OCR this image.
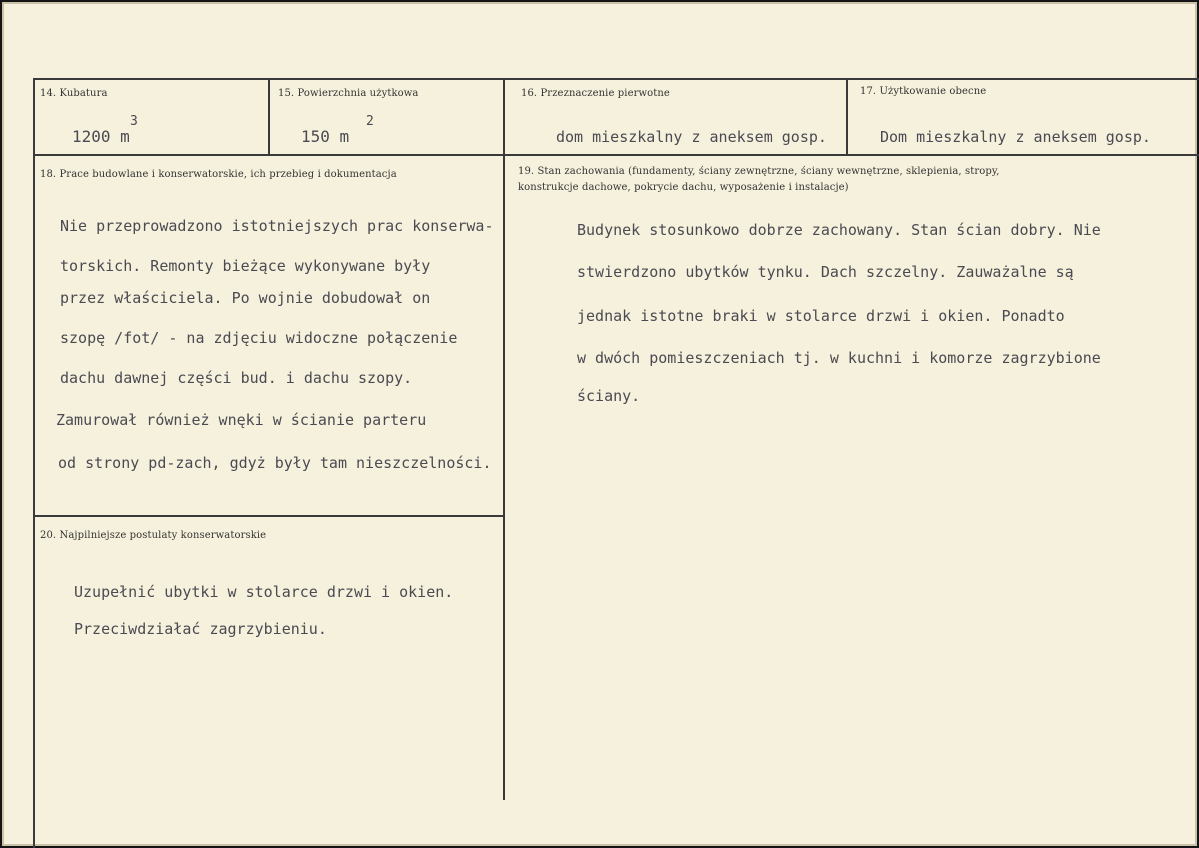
14. Kubatura
1200 m
3
15. Powierzchnia użytkowa
150 m
2
16. Przeznaczenie pierwotne
dom mieszkalny z aneksem gosp.
17. Użytkowanie obecne
Dom mieszkalny z aneksem gosp.
18. Prace budowlane i konserwatorskie, ich przebieg i dokumentacja
Nie przeprowadzono istotniejszych prac konserwa-
torskich. Remonty bieżące wykonywane były
przez właściciela. Po wojnie dobudował on
szopę /fot/ - na zdjęciu widoczne połączenie
dachu dawnej części bud. i dachu szopy.
Zamurował również wnęki w ścianie parteru
od strony pd-zach, gdyż były tam nieszczelności.
19. Stan zachowania (fundamenty, ściany zewnętrzne, ściany wewnętrzne, sklepienia, stropy,
konstrukcje dachowe, pokrycie dachu, wyposażenie i instalacje)
Budynek stosunkowo dobrze zachowany. Stan ścian dobry. Nie
stwierdzono ubytków tynku. Dach szczelny. Zauważalne są
jednak istotne braki w stolarce drzwi i okien. Ponadto
w dwóch pomieszczeniach tj. w kuchni i komorze zagrzybione
ściany.
20. Najpilniejsze postulaty konserwatorskie
Uzupełnić ubytki w stolarce drzwi i okien.
Przeciwdziałać zagrzybieniu.
